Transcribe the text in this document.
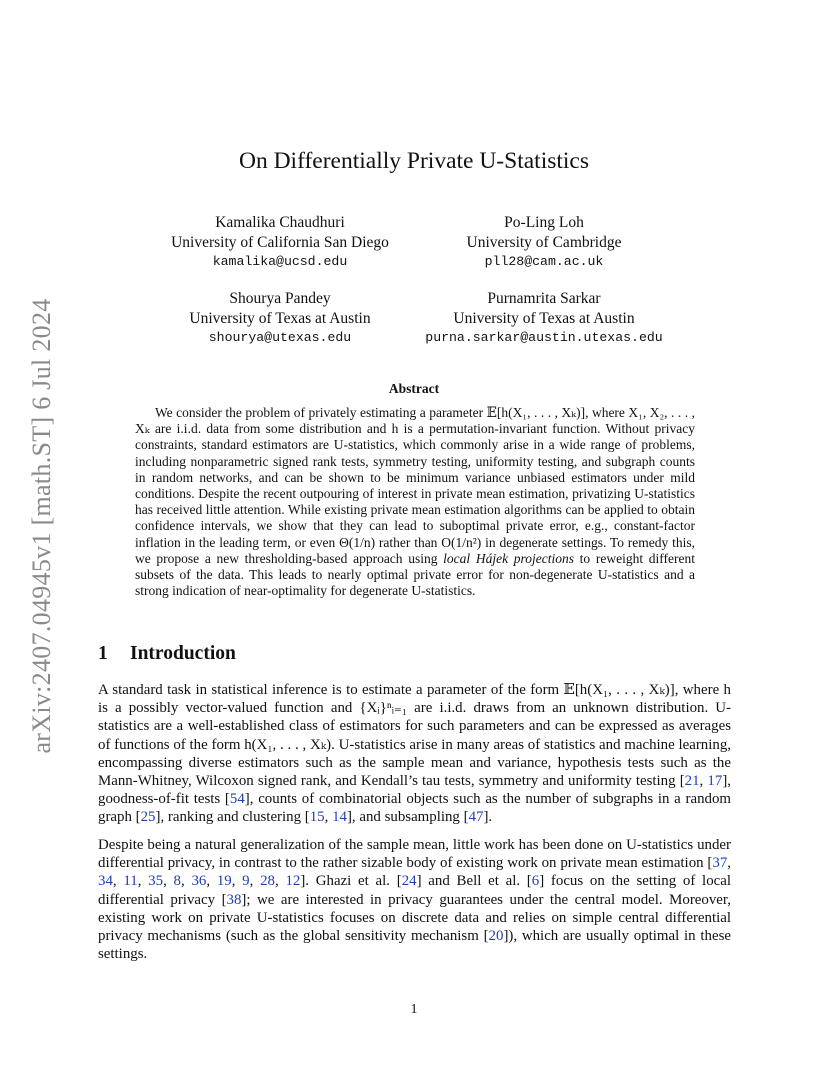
arXiv:2407.04945v1 [math.ST] 6 Jul 2024
On Differentially Private U-Statistics
Kamalika Chaudhuri
University of California San Diego
kamalika@ucsd.edu
Po-Ling Loh
University of Cambridge
pll28@cam.ac.uk
Shourya Pandey
University of Texas at Austin
shourya@utexas.edu
Purnamrita Sarkar
University of Texas at Austin
purna.sarkar@austin.utexas.edu
Abstract
We consider the problem of privately estimating a parameter 𝔼[h(X₁, . . . , Xₖ)], where X₁, X₂, . . . , Xₖ are i.i.d. data from some distribution and h is a permutation-invariant function. Without privacy constraints, standard estimators are U-statistics, which commonly arise in a wide range of problems, including nonparametric signed rank tests, symmetry testing, uniformity testing, and subgraph counts in random networks, and can be shown to be minimum variance unbiased estimators under mild conditions. Despite the recent outpouring of interest in private mean estimation, privatizing U-statistics has received little attention. While existing private mean estimation algorithms can be applied to obtain confidence intervals, we show that they can lead to suboptimal private error, e.g., constant-factor inflation in the leading term, or even Θ(1/n) rather than O(1/n²) in degenerate settings. To remedy this, we propose a new thresholding-based approach using local Hájek projections to reweight different subsets of the data. This leads to nearly optimal private error for non-degenerate U-statistics and a strong indication of near-optimality for degenerate U-statistics.
1 Introduction
A standard task in statistical inference is to estimate a parameter of the form 𝔼[h(X₁, . . . , Xₖ)], where h is a possibly vector-valued function and {Xᵢ}ⁿᵢ₌₁ are i.i.d. draws from an unknown distribution. U-statistics are a well-established class of estimators for such parameters and can be expressed as averages of functions of the form h(X₁, . . . , Xₖ). U-statistics arise in many areas of statistics and machine learning, encompassing diverse estimators such as the sample mean and variance, hypothesis tests such as the Mann-Whitney, Wilcoxon signed rank, and Kendall’s tau tests, symmetry and uniformity testing [21, 17], goodness-of-fit tests [54], counts of combinatorial objects such as the number of subgraphs in a random graph [25], ranking and clustering [15, 14], and subsampling [47].
Despite being a natural generalization of the sample mean, little work has been done on U-statistics under differential privacy, in contrast to the rather sizable body of existing work on private mean estimation [37, 34, 11, 35, 8, 36, 19, 9, 28, 12]. Ghazi et al. [24] and Bell et al. [6] focus on the setting of local differential privacy [38]; we are interested in privacy guarantees under the central model. Moreover, existing work on private U-statistics focuses on discrete data and relies on simple central differential privacy mechanisms (such as the global sensitivity mechanism [20]), which are usually optimal in these settings.
1
